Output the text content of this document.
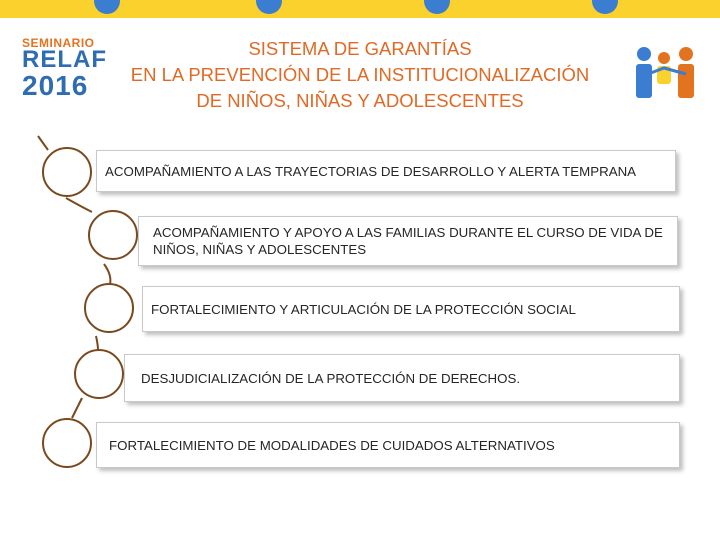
SEMINARIO
RELAF
2016
SISTEMA DE GARANTÍAS
EN LA PREVENCIÓN DE LA INSTITUCIONALIZACIÓN
DE NIÑOS, NIÑAS Y ADOLESCENTES
ACOMPAÑAMIENTO A LAS TRAYECTORIAS DE DESARROLLO Y ALERTA TEMPRANA
ACOMPAÑAMIENTO Y APOYO A LAS FAMILIAS DURANTE EL CURSO DE VIDA DE NIÑOS, NIÑAS Y ADOLESCENTES
FORTALECIMIENTO Y ARTICULACIÓN DE LA PROTECCIÓN SOCIAL
DESJUDICIALIZACIÓN DE LA PROTECCIÓN DE DERECHOS.
FORTALECIMIENTO DE MODALIDADES DE CUIDADOS ALTERNATIVOS
